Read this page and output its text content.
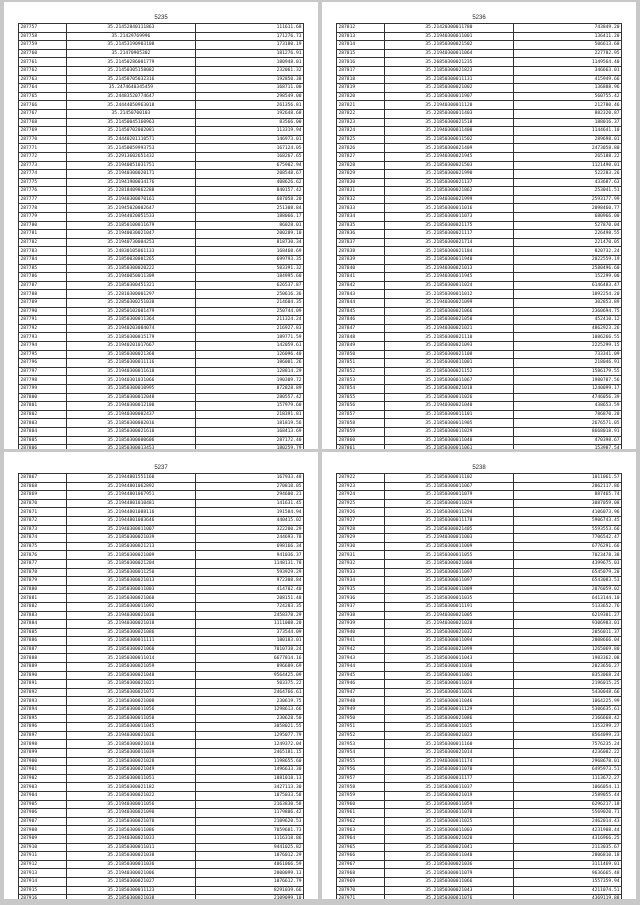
5235
287757	35.21452840111863	111611.68
287758	35.21429769996	171276.73
287759	35.21453190903108	173180.19
287760	35.21470905302	181276.91
287761	35.21450286001779	180948.01
287762	35.21450305158082	232061.32
287763	35.21450705032316	192850.38
287764	35.2474640345459	168711.00
287765	35.24483520774647	298549.00
287766	35.24444050963018	261356.81
287767	35.21450700103	192648.68
287768	35.21450045160963	83566.00
287769	35.21450702002081	113319.94
287770	35.24440201110571	146973.01
287771	35.21450059993753	167124.05
287772	35.22913602651432	168267.65
287773	35.21940051031751	675902.94
287774	35.21940300020171	208548.67
287775	35.21941900034176	408626.62
287776	35.22818409862288	840157.42
287777	35.21940300070161	687058.20
287778	35.21945020002647	251308.84
287779	35.21944020051533	188066.17
287780	35.21850100011679	86028.01
287781	35.21940030021047	200289.10
287782	35.21940730004253	818730.34
287783	35.24830105061133	168460.69
287784	35.21850030001265	699793.35
287785	35.21850300020222	503391.32
287786	35.21940050011309	184995.60
287787	35.21850300451321	626537.87
287788	35.22810300001297	250616.36
287789	35.22850300251038	214604.35
287790	35.22850102001479	250744.09
287791	35.21850300011364	211324.24
287792	35.21940203004074	216927.83
287793	35.21850300015179	189771.59
287794	35.21940201017667	142059.61
287795	35.21850300021368	126096.40
287796	35.21850300011116	186001.26
287797	35.21940300011618	128814.29
287798	35.21940301031066	190309.72
287799	35.21850300010995	872828.89
287800	35.21850300012048	280557.42
287801	35.21940300012100	157979.60
287802	35.21940300002437	218391.81
287803	35.21850300002016	181819.56
287804	35.21850300021610	168413.69
287805	35.21850300000606	287172.40
287806	35.21850300013453	180259.79

5236
287812	35.21420300011780	743849.20
287813	35.21940300011001	136411.20
287814	35.21850300021502	506613.68
287815	35.21940300011064	227782.95
287816	35.26850300021235	1149564.40
287817	35.21850300021823	346663.01
287818	35.21850300011131	415949.66
287819	35.21850300021002	136888.96
287820	35.21850300011907	560755.42
287821	35.21940300011120	212780.46
287822	35.22850300011403	882320.87
287823	35.21850300021518	188016.37
287824	35.21940300011400	1144641.10
287825	35.21850300011502	289698.01
287826	35.21850300021409	2473058.80
287827	35.21940300021945	265188.22
287828	35.21850300021503	1121490.01
287829	35.21850300021990	522283.26
287830	35.21850300021137	433687.63
287831	35.21850300021862	253041.51
287832	35.21940300021999	2593177.99
287833	35.21850300011016	2098460.77
287834	35.21850300011073	680966.00
287835	35.21850300021175	527870.04
287836	35.21850300021117	226498.55
287837	35.21850300021714	221470.05
287838	35.21850300021184	820732.24
287839	35.21850300011940	2022559.19
287840	35.21940300021013	2580496.60
287841	35.21940300011945	152299.00
287842	35.21850300011024	6146483.47
287843	35.21850300011012	1092254.20
287844	35.21940300021099	302853.89
287845	35.21850300021066	2360694.75
287846	35.21850300021050	452410.12
287847	35.21940300021021	4862923.26
287848	35.21850300021110	1086266.55
287849	35.21850300021093	2225299.15
287850	35.21850300021108	733341.09
287851	35.21850300011001	218046.91
287852	35.21850300021152	1586179.55
287853	35.21850300011067	1980787.56
287854	35.21850300021018	1240099.17
287855	35.21850300011026	4746056.39
287856	35.21940300021040	438653.59
287857	35.21850300011101	786870.20
287858	35.21850300011905	2676571.05
287859	35.21850300011029	8668018.91
287860	35.21850300011040	470398.67
287861	35.21850300011061	153987.54

5237
287867	35.21944801551160	167933.48
287868	35.21944801062892	270810.05
287869	35.21944801067951	294600.21
287870	35.21944801010481	141631.45
287871	35.21944801088116	191584.94
287872	35.21944801003646	440415.02
287873	35.21940300011007	322200.29
287874	35.21850300021039	244693.78
287875	35.21850300021213	698166.34
287876	35.21850300021009	941036.37
287877	35.21850300021204	1148131.78
287878	35.21850300011250	593929.29
287879	35.21850300021013	972308.84
287880	35.21850300011003	414702.40
287881	35.21850300021060	208151.48
287882	35.21850300011092	724283.35
287883	35.21940300021030	2458378.29
287884	35.21940300021018	1111008.20
287885	35.21850300021086	373544.09
287886	35.21850300011111	180183.01
287887	35.21850300021060	7010738.24
287888	35.21850300011014	6677814.16
287889	35.21850300021059	896689.69
287890	35.21850300021048	9564425.09
287891	35.21850300021021	503375.22
287892	35.21850300021072	2464766.61
287893	35.21850300021008	230619.75
287894	35.21850300011056	1298613.66
287895	35.21850300011050	230628.50
287896	35.21850300011045	3058021.55
287897	35.21940300021026	1295077.79
287898	35.21850300021018	1249372.04
287899	35.21850300011039	2465181.15
287900	35.21850300021028	1198655.60
287901	35.21850300021049	1496633.30
287902	35.21850300011051	1881018.13
287903	35.21850300021182	3427113.30
287904	35.21850300021022	1075033.58
287905	35.21940300011056	2163830.58
287906	35.21940300021090	1179806.42
287907	35.21850300021070	2109620.53
287908	35.21850300011086	7059601.73
287909	35.21940300021033	1116318.86
287910	35.21850300011011	9441025.82
287911	35.21850300021038	1076012.29
287912	35.21850300011036	4061066.59
287913	35.21940300021006	2000099.13
287914	35.21850300021027	1076612.79
287915	35.21850300011123	8291039.66
287916	35.21850300021038	2109099.10

5238
287922	35.21850300011102	1011061.57
287923	35.21850300011067	2062117.86
287924	35.21850300011079	887465.74
287925	35.21850300011029	3087059.08
287926	35.21850300011294	4106073.96
287927	35.21850300011178	5906743.45
287928	35.21850300021405	5593553.66
287929	35.21940300011003	7706542.47
287930	35.21850300011009	6776291.66
287931	35.21850300011055	7023478.38
287932	35.21850300021008	4399675.03
287933	35.21850300011097	6545079.20
287934	35.21850300011097	6543083.53
287935	35.21850300011009	2076059.02
287936	35.21850300011035	6413144.10
287937	35.21850300011191	5133652.76
287938	35.21940300021005	6219301.27
287939	35.21940300021028	9306983.01
287940	35.21850300021032	2056011.37
287941	35.21850300011094	2008666.04
287942	35.21850300021099	1265069.80
287943	35.21850300011043	1983362.08
287944	35.21850300011030	2023656.27
287945	35.21850300011001	8353068.24
287946	35.21850300011028	2196015.25
287947	35.21850300011026	5430048.66
287948	35.21850300011046	1064225.99
287949	35.21850300011129	5306635.61
287950	35.21850300021086	2166668.42
287951	35.21850300011025	1353299.27
287952	35.21850300021023	8564099.23
287953	35.21850300011160	7576235.24
287954	35.21850300021014	4236002.22
287955	35.21940300011174	2968678.01
287956	35.21850300011070	6495973.51
287957	35.21850300011177	1113672.27
287958	35.21850300011037	1066054.11
287959	35.21850300021019	2589055.44
287960	35.21850300011059	6296217.18
287961	35.21850300011070	5569020.71
287962	35.21850300011025	2462014.43
287963	35.21850300011003	4231908.44
287964	35.21850300021020	4316966.25
287965	35.21850300021041	2113035.67
287966	35.21850300011040	2806810.18
287967	35.21850300021036	3111469.01
287968	35.21850300011079	9636665.48
287969	35.21850300011066	1557359.94
287970	35.21850300021043	4211074.51
287971	35.21850300011076	4369119.88
